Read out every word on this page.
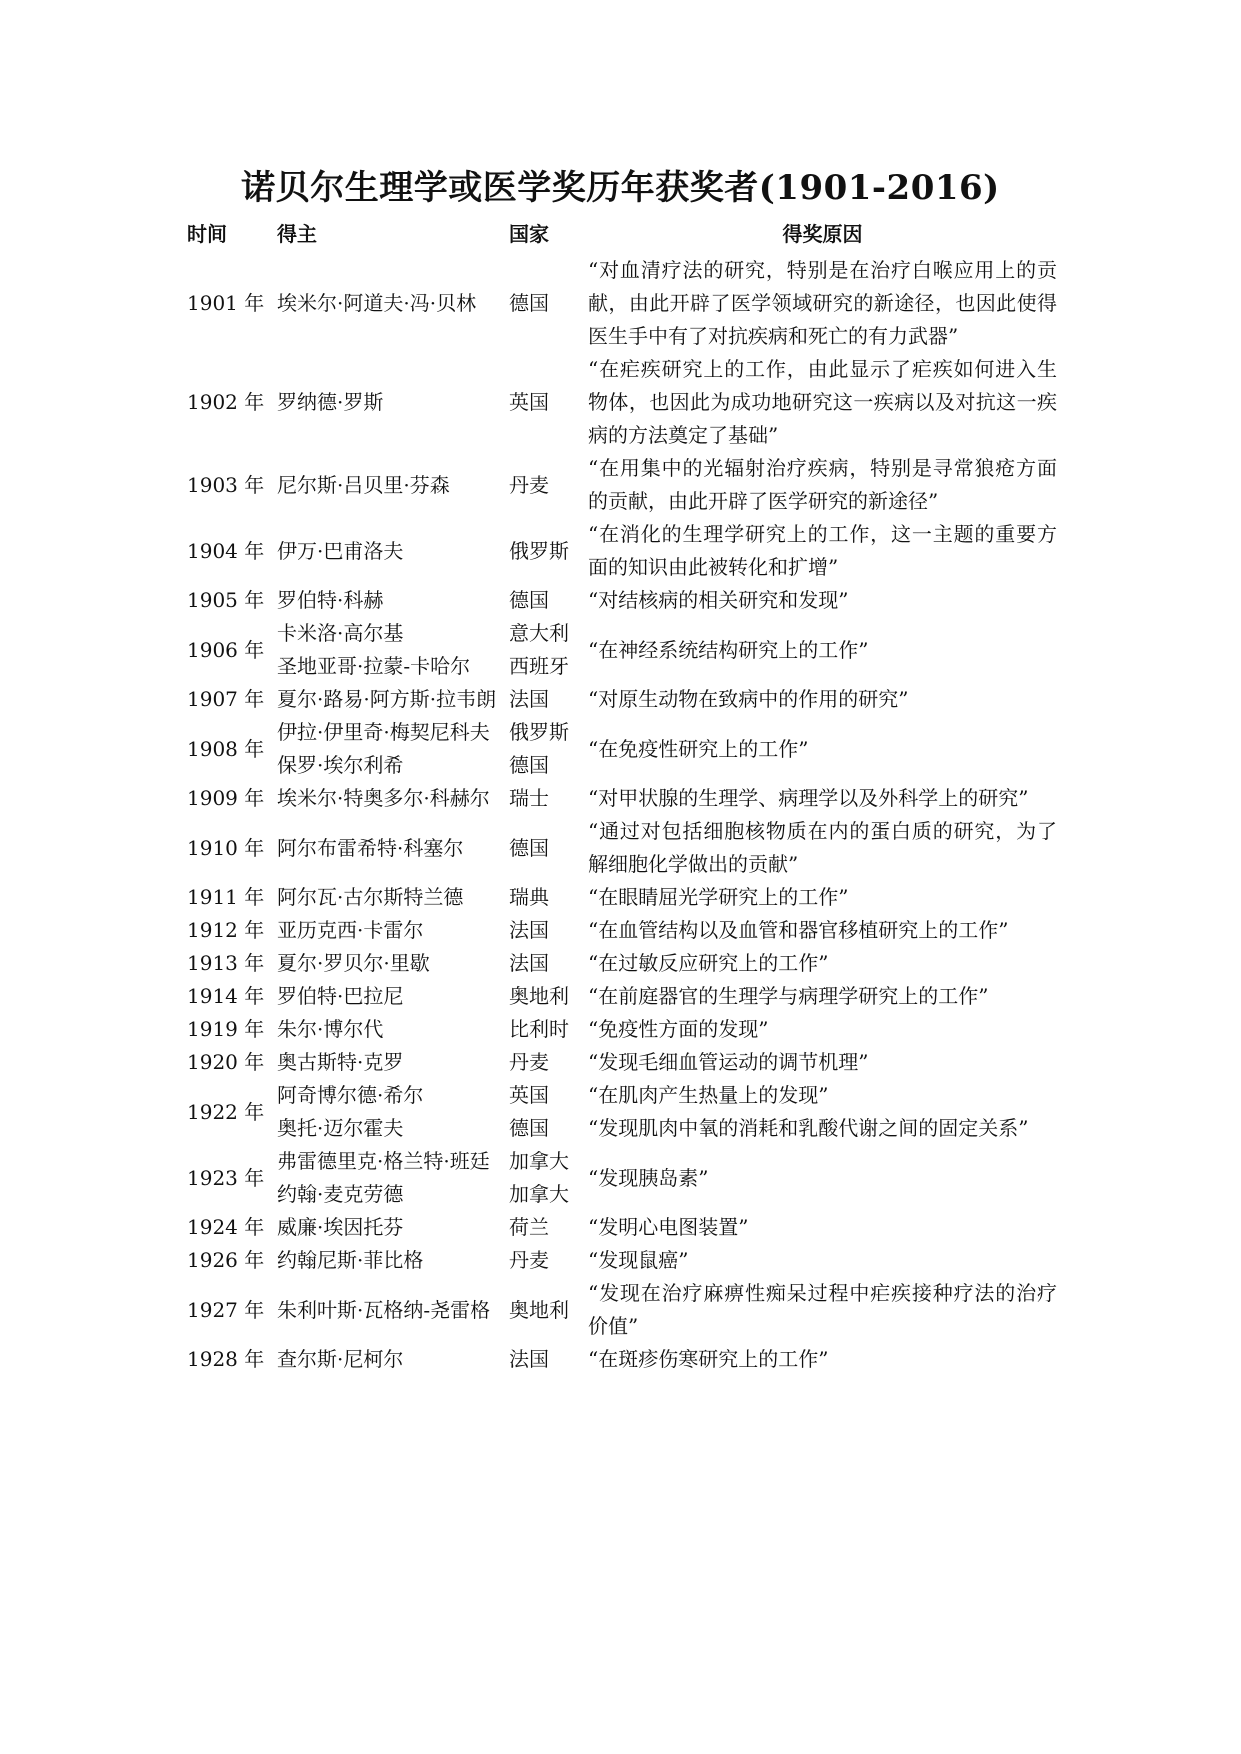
诺贝尔生理学或医学奖历年获奖者(1901-2016)
时间	得主	国家	得奖原因
1901 年	埃米尔·阿道夫·冯·贝林	德国	“对血清疗法的研究，特别是在治疗白喉应用上的贡献，由此开辟了医学领域研究的新途径，也因此使得医生手中有了对抗疾病和死亡的有力武器”
1902 年	罗纳德·罗斯	英国	“在疟疾研究上的工作，由此显示了疟疾如何进入生物体，也因此为成功地研究这一疾病以及对抗这一疾病的方法奠定了基础”
1903 年	尼尔斯·吕贝里·芬森	丹麦	“在用集中的光辐射治疗疾病，特别是寻常狼疮方面的贡献，由此开辟了医学研究的新途径”
1904 年	伊万·巴甫洛夫	俄罗斯	“在消化的生理学研究上的工作，这一主题的重要方面的知识由此被转化和扩增”
1905 年	罗伯特·科赫	德国	“对结核病的相关研究和发现”
1906 年	卡米洛·高尔基	意大利	“在神经系统结构研究上的工作”
	圣地亚哥·拉蒙-卡哈尔	西班牙	
1907 年	夏尔·路易·阿方斯·拉韦朗	法国	“对原生动物在致病中的作用的研究”
1908 年	伊拉·伊里奇·梅契尼科夫	俄罗斯	“在免疫性研究上的工作”
	保罗·埃尔利希	德国	
1909 年	埃米尔·特奥多尔·科赫尔	瑞士	“对甲状腺的生理学、病理学以及外科学上的研究”
1910 年	阿尔布雷希特·科塞尔	德国	“通过对包括细胞核物质在内的蛋白质的研究，为了解细胞化学做出的贡献”
1911 年	阿尔瓦·古尔斯特兰德	瑞典	“在眼睛屈光学研究上的工作”
1912 年	亚历克西·卡雷尔	法国	“在血管结构以及血管和器官移植研究上的工作”
1913 年	夏尔·罗贝尔·里歇	法国	“在过敏反应研究上的工作”
1914 年	罗伯特·巴拉尼	奥地利	“在前庭器官的生理学与病理学研究上的工作”
1919 年	朱尔·博尔代	比利时	“免疫性方面的发现”
1920 年	奥古斯特·克罗	丹麦	“发现毛细血管运动的调节机理”
1922 年	阿奇博尔德·希尔	英国	“在肌肉产生热量上的发现”
	奥托·迈尔霍夫	德国	“发现肌肉中氧的消耗和乳酸代谢之间的固定关系”
1923 年	弗雷德里克·格兰特·班廷	加拿大	“发现胰岛素”
	约翰·麦克劳德	加拿大	
1924 年	威廉·埃因托芬	荷兰	“发明心电图装置”
1926 年	约翰尼斯·菲比格	丹麦	“发现鼠癌”
1927 年	朱利叶斯·瓦格纳-尧雷格	奥地利	“发现在治疗麻痹性痴呆过程中疟疾接种疗法的治疗价值”
1928 年	查尔斯·尼柯尔	法国	“在斑疹伤寒研究上的工作”
